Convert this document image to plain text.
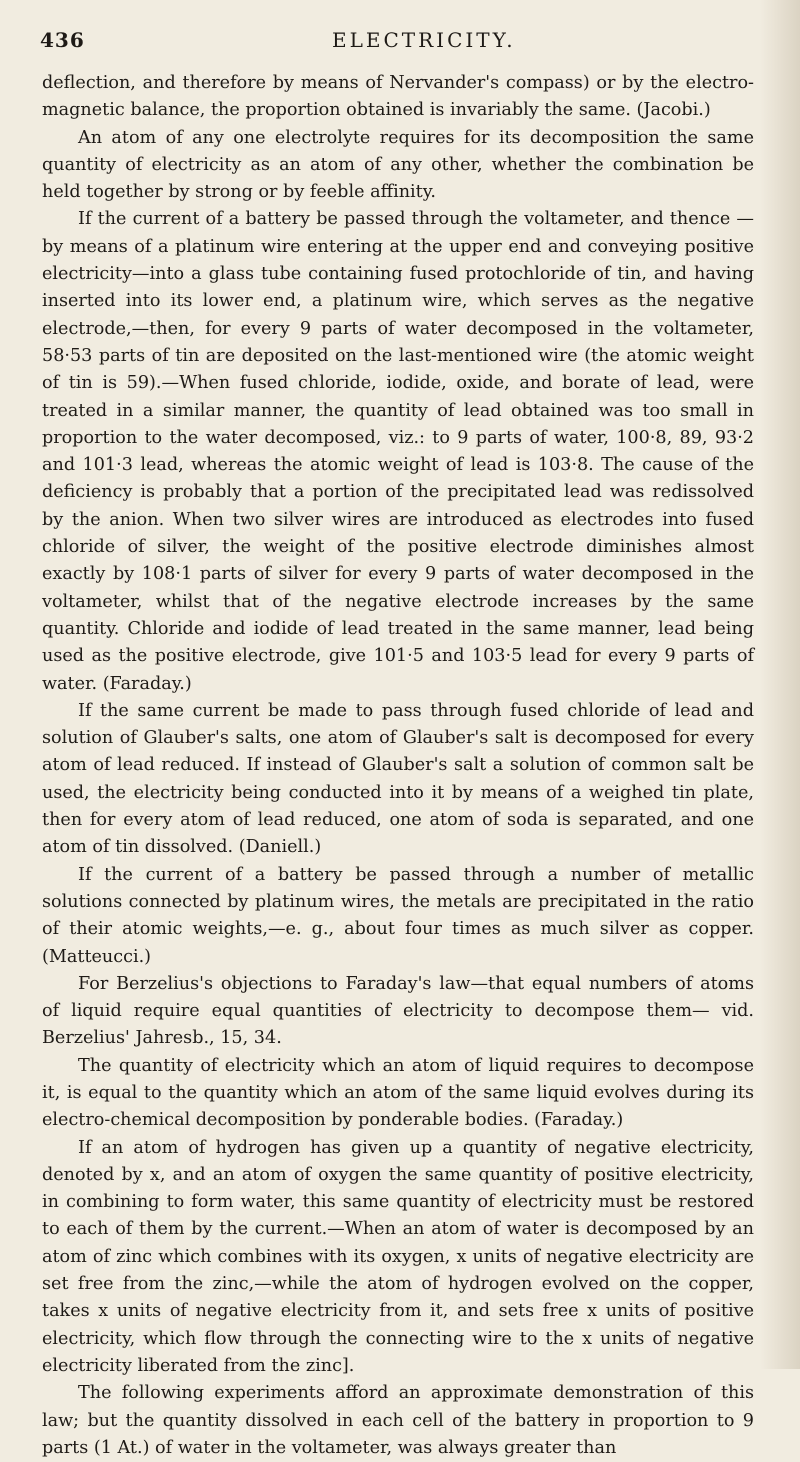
436	ELECTRICITY.

deflection, and therefore by means of Nervander's compass) or by the electro-magnetic balance, the proportion obtained is invariably the same. (Jacobi.)

An atom of any one electrolyte requires for its decomposition the same quantity of electricity as an atom of any other, whether the combination be held together by strong or by feeble affinity.

If the current of a battery be passed through the voltameter, and thence —by means of a platinum wire entering at the upper end and conveying positive electricity—into a glass tube containing fused protochloride of tin, and having inserted into its lower end, a platinum wire, which serves as the negative electrode,—then, for every 9 parts of water decomposed in the voltameter, 58·53 parts of tin are deposited on the last-mentioned wire (the atomic weight of tin is 59).—When fused chloride, iodide, oxide, and borate of lead, were treated in a similar manner, the quantity of lead obtained was too small in proportion to the water decomposed, viz.: to 9 parts of water, 100·8, 89, 93·2 and 101·3 lead, whereas the atomic weight of lead is 103·8. The cause of the deficiency is probably that a portion of the precipitated lead was redissolved by the anion. When two silver wires are introduced as electrodes into fused chloride of silver, the weight of the positive electrode diminishes almost exactly by 108·1 parts of silver for every 9 parts of water decomposed in the voltameter, whilst that of the negative electrode increases by the same quantity. Chloride and iodide of lead treated in the same manner, lead being used as the positive electrode, give 101·5 and 103·5 lead for every 9 parts of water. (Faraday.)

If the same current be made to pass through fused chloride of lead and solution of Glauber's salts, one atom of Glauber's salt is decomposed for every atom of lead reduced. If instead of Glauber's salt a solution of common salt be used, the electricity being conducted into it by means of a weighed tin plate, then for every atom of lead reduced, one atom of soda is separated, and one atom of tin dissolved. (Daniell.)

If the current of a battery be passed through a number of metallic solutions connected by platinum wires, the metals are precipitated in the ratio of their atomic weights,—e. g., about four times as much silver as copper. (Matteucci.)

For Berzelius's objections to Faraday's law—that equal numbers of atoms of liquid require equal quantities of electricity to decompose them— vid. Berzelius' Jahresb., 15, 34.

The quantity of electricity which an atom of liquid requires to decompose it, is equal to the quantity which an atom of the same liquid evolves during its electro-chemical decomposition by ponderable bodies. (Faraday.)

If an atom of hydrogen has given up a quantity of negative electricity, denoted by x, and an atom of oxygen the same quantity of positive electricity, in combining to form water, this same quantity of electricity must be restored to each of them by the current.—When an atom of water is decomposed by an atom of zinc which combines with its oxygen, x units of negative electricity are set free from the zinc,—while the atom of hydrogen evolved on the copper, takes x units of negative electricity from it, and sets free x units of positive electricity, which flow through the connecting wire to the x units of negative electricity liberated from the zinc].

The following experiments afford an approximate demonstration of this law; but the quantity dissolved in each cell of the battery in proportion to 9 parts (1 At.) of water in the voltameter, was always greater than
